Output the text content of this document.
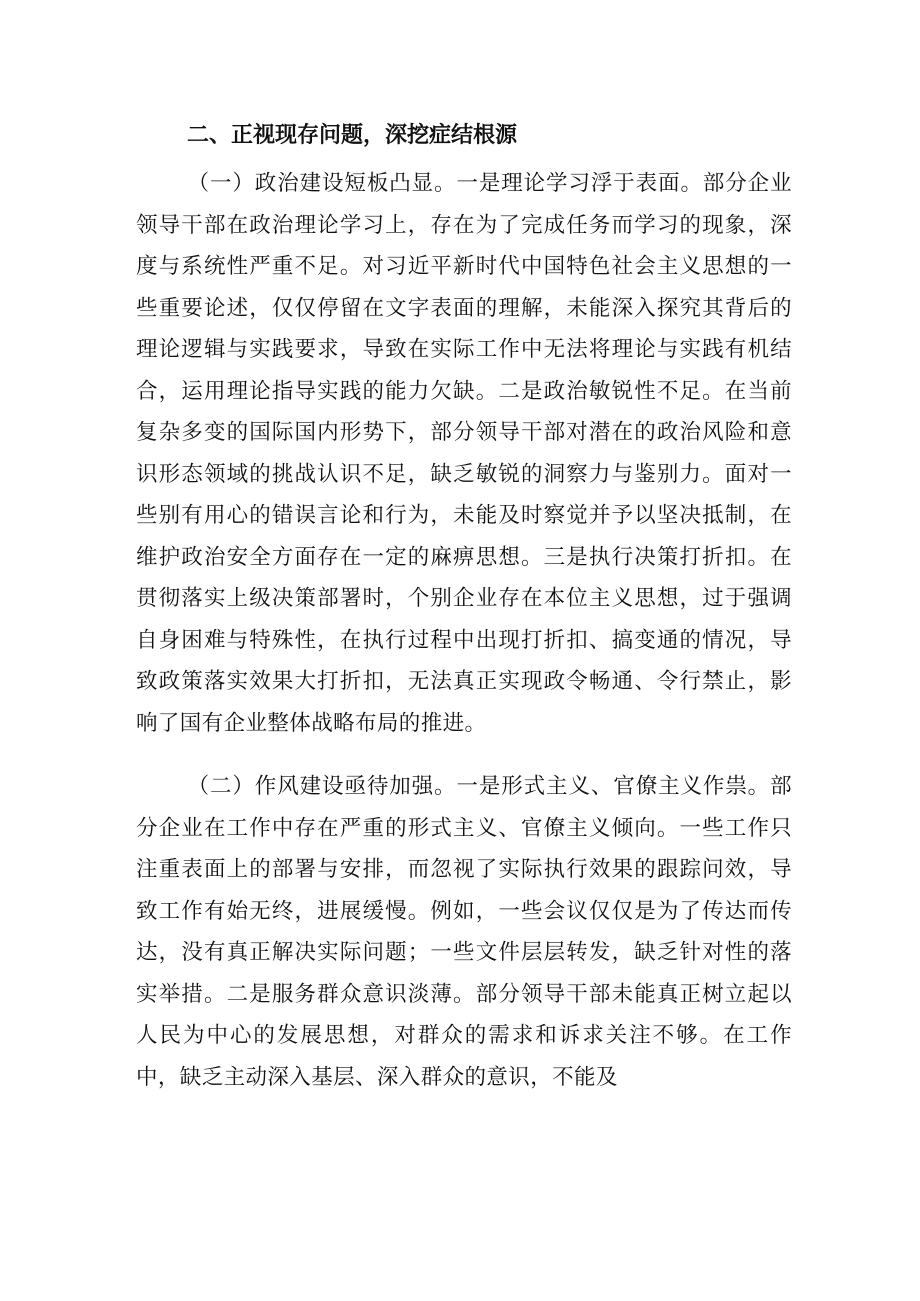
二、正视现存问题，深挖症结根源

（一）政治建设短板凸显。一是理论学习浮于表面。部分企业领导干部在政治理论学习上，存在为了完成任务而学习的现象，深度与系统性严重不足。对习近平新时代中国特色社会主义思想的一些重要论述，仅仅停留在文字表面的理解，未能深入探究其背后的理论逻辑与实践要求，导致在实际工作中无法将理论与实践有机结合，运用理论指导实践的能力欠缺。二是政治敏锐性不足。在当前复杂多变的国际国内形势下，部分领导干部对潜在的政治风险和意识形态领域的挑战认识不足，缺乏敏锐的洞察力与鉴别力。面对一些别有用心的错误言论和行为，未能及时察觉并予以坚决抵制，在维护政治安全方面存在一定的麻痹思想。三是执行决策打折扣。在贯彻落实上级决策部署时，个别企业存在本位主义思想，过于强调自身困难与特殊性，在执行过程中出现打折扣、搞变通的情况，导致政策落实效果大打折扣，无法真正实现政令畅通、令行禁止，影响了国有企业整体战略布局的推进。

（二）作风建设亟待加强。一是形式主义、官僚主义作祟。部分企业在工作中存在严重的形式主义、官僚主义倾向。一些工作只注重表面上的部署与安排，而忽视了实际执行效果的跟踪问效，导致工作有始无终，进展缓慢。例如，一些会议仅仅是为了传达而传达，没有真正解决实际问题；一些文件层层转发，缺乏针对性的落实举措。二是服务群众意识淡薄。部分领导干部未能真正树立起以人民为中心的发展思想，对群众的需求和诉求关注不够。在工作中，缺乏主动深入基层、深入群众的意识，不能及
